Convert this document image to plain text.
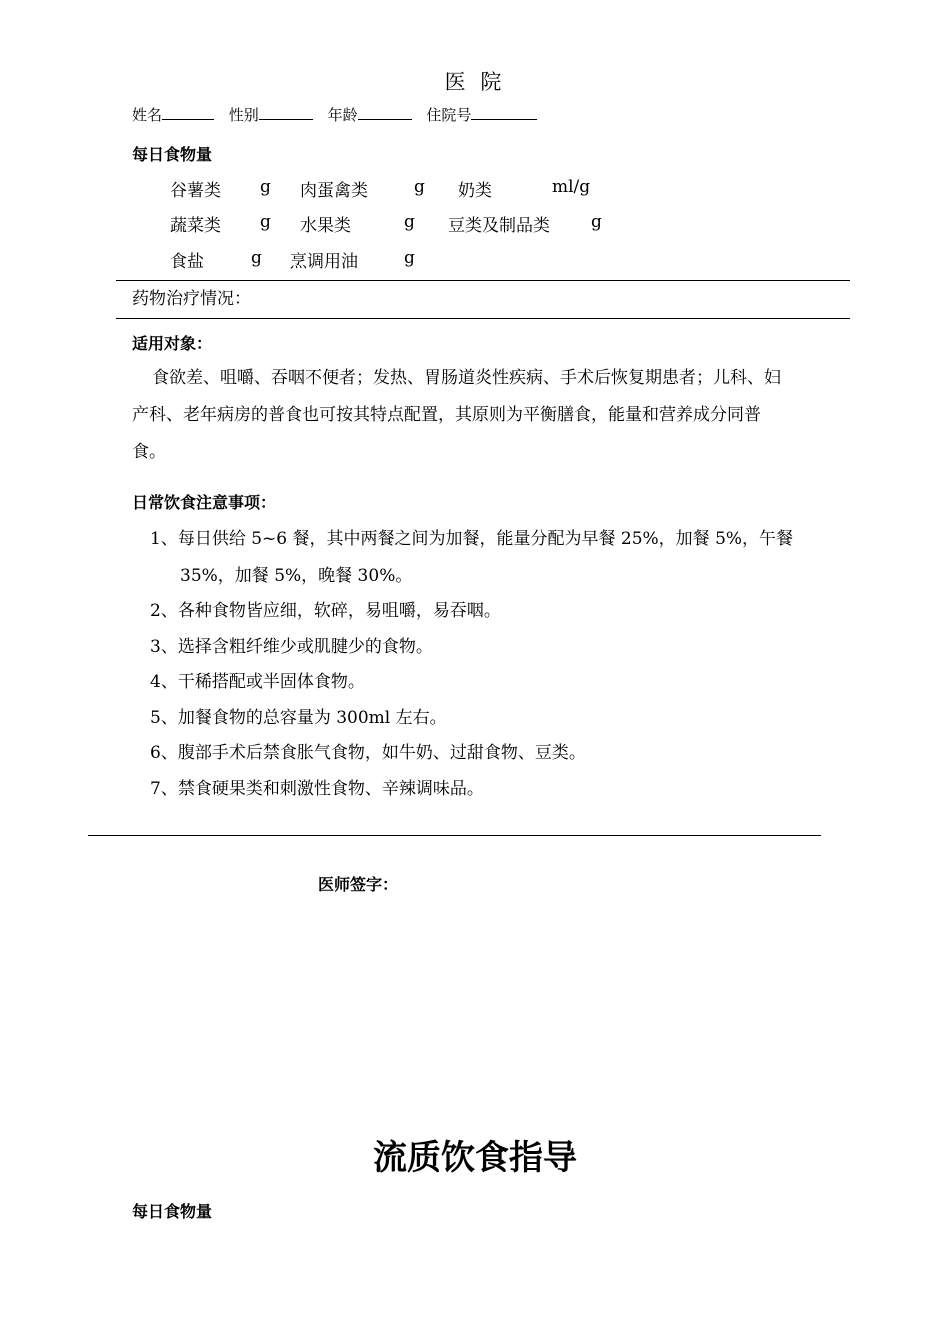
医 院
姓名	性别	年龄	住院号
每日食物量
谷薯类 g 肉蛋禽类	g 奶类	ml/g
蔬菜类 g 水果类	g 豆类及制品类 g
食盐	g 烹调用油	g
药物治疗情况：
适用对象：
食欲差、咀嚼、吞咽不便者；发热、胃肠道炎性疾病、手术后恢复期患者；儿科、妇
产科、老年病房的普食也可按其特点配置，其原则为平衡膳食，能量和营养成分同普
食。
日常饮食注意事项：
1、每日供给 5~6 餐，其中两餐之间为加餐，能量分配为早餐 25%，加餐 5%，午餐
35%，加餐 5%，晚餐 30%。
2、各种食物皆应细，软碎，易咀嚼，易吞咽。
3、选择含粗纤维少或肌腱少的食物。
4、干稀搭配或半固体食物。
5、加餐食物的总容量为 300ml 左右。
6、腹部手术后禁食胀气食物，如牛奶、过甜食物、豆类。
7、禁食硬果类和刺激性食物、辛辣调味品。
医师签字：
流质饮食指导
每日食物量
